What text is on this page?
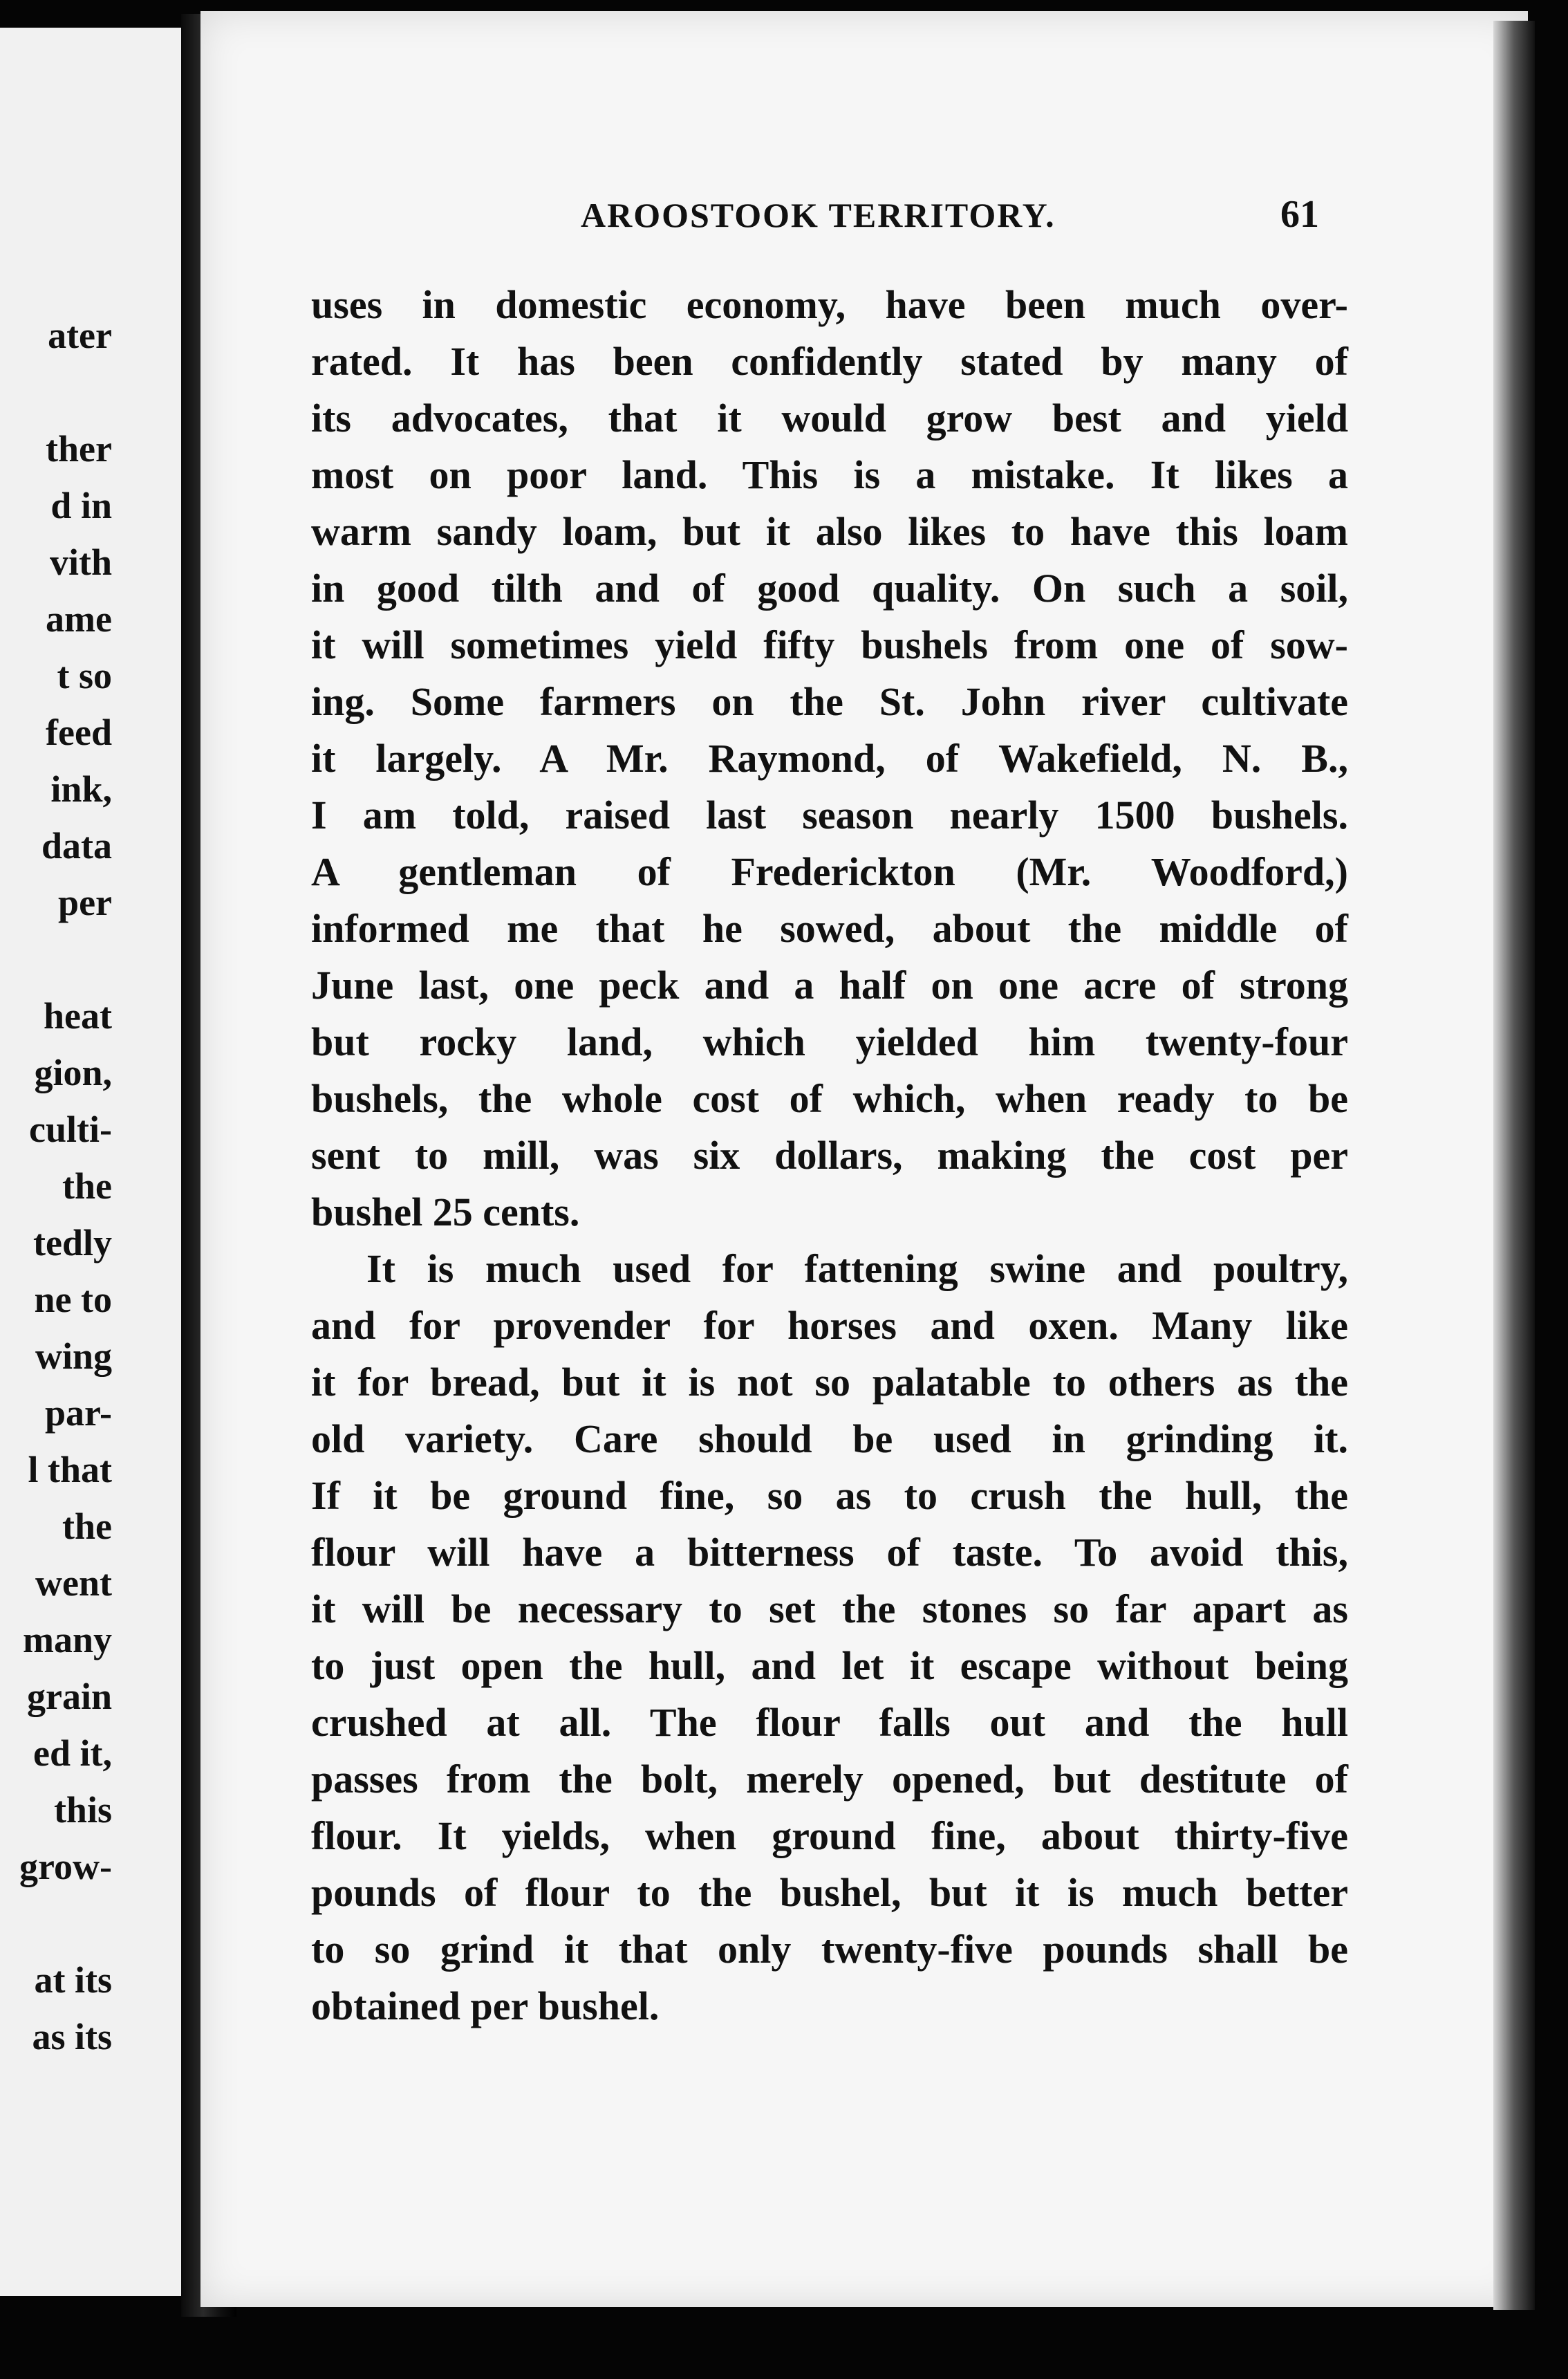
ater
ther
d in
vith
ame
t so
feed
ink,
data
per
heat
gion,
culti-
the
tedly
ne to
wing
par-
l that
the
went
many
grain
ed it,
this
grow-
at its
as its
AROOSTOOK TERRITORY.	61
uses in domestic economy, have been much over-
rated. It has been confidently stated by many of
its advocates, that it would grow best and yield
most on poor land. This is a mistake. It likes a
warm sandy loam, but it also likes to have this loam
in good tilth and of good quality. On such a soil,
it will sometimes yield fifty bushels from one of sow-
ing. Some farmers on the St. John river cultivate
it largely. A Mr. Raymond, of Wakefield, N. B.,
I am told, raised last season nearly 1500 bushels.
A gentleman of Frederickton (Mr. Woodford,)
informed me that he sowed, about the middle of
June last, one peck and a half on one acre of strong
but rocky land, which yielded him twenty-four
bushels, the whole cost of which, when ready to be
sent to mill, was six dollars, making the cost per
bushel 25 cents.
It is much used for fattening swine and poultry,
and for provender for horses and oxen. Many like
it for bread, but it is not so palatable to others as the
old variety. Care should be used in grinding it.
If it be ground fine, so as to crush the hull, the
flour will have a bitterness of taste. To avoid this,
it will be necessary to set the stones so far apart as
to just open the hull, and let it escape without being
crushed at all. The flour falls out and the hull
passes from the bolt, merely opened, but destitute of
flour. It yields, when ground fine, about thirty-five
pounds of flour to the bushel, but it is much better
to so grind it that only twenty-five pounds shall be
obtained per bushel.
